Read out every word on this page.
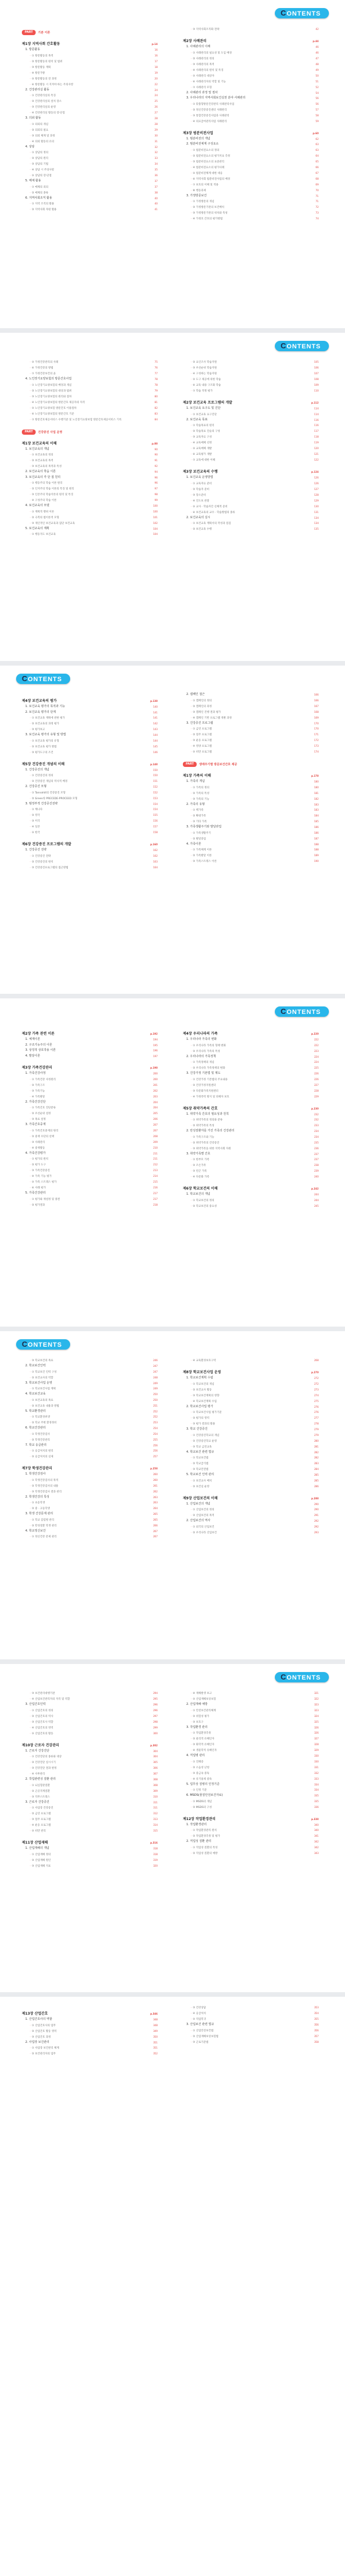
CONTENTS
PART	기본 이론
제1장 지역사회 간호활동	p.14
1. 방문활동	16
· ① 방문활동의 목적	16
· ② 방문활동의 원칙 및 범위	17
· ③ 방문활동 계획	18
· ④ 방문가방	19
· ⑤ 방문활동의 전 과정	20
· ⑥ 방문활동 시 지켜야 하는 주의사항	22
2. 건강관리실 활동	24
· ① 건강관리실의 특징	24
· ② 건강관리실의 설치 장소	25
· ③ 건강관리실의 운영	26
· ④ 건강관리실 활동의 장·단점	27
3. 의뢰 활동	28
· ① 의뢰의 개념	28
· ② 의뢰의 필요	29
· ③ 의뢰 체계 및 과정	30
· ④ 의뢰 활동의 유의	31
4. 상담	32
· ① 상담의 정의	32
· ② 상담의 원리	33
· ③ 상담의 기법	34
· ④ 상담 시 주의사항	35
· ⑤ 상담의 장·단점	36
5. 매체 활용	37
· ① 매체의 의의	37
· ② 매체의 종류	38
6. 지역사회조직 활용	40
· ① 지역 조직의 활용	40
· ② 지역사회 자원 활용	41
· ③ 지역사회조직화 전략	42
제2장 사례관리	p.44
1. 사례관리의 이해	46
· ① 사례관리의 필요성 및 도입 배경	46
· ② 사례관리의 정의	47
· ③ 사례관리의 목적	48
· ④ 사례관리의 원칙 및 특징	49
· ⑤ 사례관리 대상자	50
· ⑥ 사례관리자의 역할 및 기능	51
· ⑦ 사례관리 모형	52
2. 사례관리 과정 및 절차	54
3. 우리나라의 지역사회보건실천 분야 사례관리	56
· ① 맞춤형방문건강관리 사례관리사업	56
· ② 정신건강증진센터 사례관리	57
· ③ 통합건강증진사업과 사례관리	58
· ④ 의료급여관리사업 사례관리	59
제3장 범분비전사업	p.60
1. 범분비전의 개념	62
2. 범분비전체계 구성요소	63
· ① 범분비전요소의 정의	63
· ② 범분비전요소의 평가지표 측정	64
· ③ 범분비전요소의 표준관리	65
· ④ 범분비전요소의 평가사례	66
· ⑤ 범분비전체계 대한 대응	67
· ⑥ 지역사회 범분비전사업의 배경	68
· ⑦ 보호의 이해 및 적용	69
· ⑧ 행동과제	70
3. 가정방문보건	71
· ① 가정방문의 개념	71
· ② 가정방문기관의 보건배치	72
· ③ 가정방문기관의 위치와 특성	73
· ④ 가정호 간호의 평가방법	74
CONTENTS
· ⑤ 가정건강관리의 사례	75
· ⑥ 가정건강의 방법	76
· ⑦ 가정건강보건의 윤	77
4. 노인장기요양보험의 방문간호사업	78
· ① 노인장기요양보험의 배경과 개념	78
· ② 노인장기요양보험의 대상과 범위	79
· ③ 노인장기요양보험의 원리와 절차	80
· ④ 노인장기요양보험의 방문간호 제공자의 자격	81
· ⑤ 노인장기요양보험 방문간호 이용절차	82
· ⑥ 노인장기요양보험의 방문간호 기준	83
· ⑦ 방문간호제공서비스 수행기준 및 노인장기요양보험 방문간호제공서비스 기록	84
PART	건강증진 사업 운영
제1장 보건교육의 이해	p.88
1. 보건교육의 개념	90
· ① 보건교육의 정의	90
· ② 보건교육의 목적	91
· ③ 보건교육의 목적과 특성	92
2. 보건교육의 학습 이론	94
3. 보건교육의 각 단 접 원리	96
· ① 행동주의 학습 이론 원리	96
· ② 인지주의 학습 이론의 특징 및 원리	97
· ③ 인본주의 학습이론의 원리 및 특징	98
· ④ 구성주의 학습 이론	99
4. 보건교육의 모델	100
· ① 계획적 행위 이론	100
· ② 극복의 범이론적 모형	101
· ③ 개인적인 보건교육과 집단 보건교육	102
5. 보건교육의 계획	104
· ① 행동지도 보건교육	104
· ② 요인조사 학습지원	105
· ③ 우선순위 학습지원	106
· ④ 구성하는 학습지원	107
· ⑤ 도구 제공에 의한 학습	108
· ⑥ 교육 내용 구조화 학습	109
· ⑦ 학습 적정 평가	110
제2장 보건교육 프로그램의 개발	p.112
1. 보건교육 요구도 및 진단	114
· ① 보건교육 요구진단	114
2. 보건교육 목표	116
· ① 학습목표의 원리	116
· ② 학습목표 진술의 구성	117
· ③ 교육자료 구성	118
· ④ 교육매체 선정	119
· ⑤ 교육매체 개발	120
· ⑥ 교육평가 개발	121
· ⑦ 교육에 대한 이해	122
제3장 보건교육의 수행	p.124
1. 보건교육 운영방법	126
· ① 교육자료 준비	126
· ② 학습자 준비	127
· ③ 장소준비	128
· ④ 진도보 관찰	129
· ⑤ 교사 · 학습자간 신체적 준비	130
· ⑥ 보건교육의 교수 · 학습방법의 종류	131
2. 보건교육의 실시	134
· ① 보건교육 계획서의 작성과 점검	134
· ② 보건교육 수행	135
CONTENTS
제4장 보건교육의 평가	p.138
1. 보건교육 평가의 목적과 기능	140
2. 보건교육 평가의 단계	141
· ① 보건교육 계획에 관한 평가	141
· ② 보건교육의 과정 평가	142
· ③ 평가보고	143
3. 보건교육 평가의 유형 및 방법	144
· ① 보건교육 평가의 유형	144
· ② 보건교육 평가 방법	145
· ③ 평가도구의 조건	146
제5장 건강증진 개념의 이해	p.148
1. 건강증진의 개념	150
· ① 건강증진의 정의	150
· ② 건강증진 개념의 역사적 배경	151
2. 건강증진 모형	152
· ① Tannahill의 건강증진 모형	152
· ② Green의 PRECEDE-PROCEED 모형	153
3. 범정부적 건강증진전략	154
· ① 캐나다	154
· ② 영국	155
· ③ 미국	156
· ④ 일본	157
· ⑤ 한국	158
제6장 건강증진 프로그램의 개발	p.160
1. 건강증진 전략	162
· ① 건강증진 전략	162
· ② 건강증진의 원칙	163
· ③ 건강증진프로그램의 접근방법	164
2. 캠페인 접근	166
· ① 캠페인의 정의	166
· ② 캠페인의 과정	167
· ③ 캠페인 진행 결과 평가	168
· ④ 캠페인 기반 프로그램 개발 과정	169
3. 건강증진 프로그램	170
· ① 금연 프로그램	170
· ② 절주 프로그램	171
· ③ 운동 프로그램	172
· ④ 영양 프로그램	173
· ⑤ 비만 프로그램	174
PART	생애주기별 방문보건간호 제공
제1장 가족의 이해	p.178
1. 가족의 개념	180
· ① 가족의 정의	180
· ② 가족의 특성	181
· ③ 가족의 기능	182
2. 가족의 유형	183
· ① 핵가족	183
· ② 확대가족	184
· ③ 기타 가족	185
3. 가족생활주기와 발달과업	186
· ① 가족생활주기	186
· ② 발달과업	187
4. 가족이론	188
· ① 가족체계 이론	188
· ② 가족발달 이론	189
· ③ 가족스트레스 이론	190
CONTENTS
제2장 가족 관련 이론	p.192
1. 체계이론	194
2. 구조기능주의 이론	195
3. 상징적 상호작용 이론	196
4. 발달이론	197
제3장 가족건강관리	p.198
1. 가족건강사정	200
· ① 가족건강 사정원리	200
· ② 가족구조	201
· ③ 가족기능	202
· ④ 가족발달	203
2. 가족건강진단	204
· ① 가족간호 진단분류	204
· ② 우선순위 설정	205
· ③ 목표 설정	206
3. 가족간호중재	207
· ① 가족간호중재의 원리	207
· ② 중재 수단의 선택	208
· ③ 사례관리	209
· ④ 중재활동	210
4. 가족건강평가	211
· ① 평가의 원칙	211
· ② 평가 도구	212
· ③ 가족건강증진	213
· ④ 가족 기능 평가	214
· ⑤ 가족 스트레스 평가	215
· ⑥ 사례 평가	216
5. 가족건강관리	217
· ① 평가와 재설정 및 종결	217
· ② 평가결과	218
제4장 우리나라의 가족	p.220
1. 우리나라 가족의 변화	222
· ① 우리나라 가족의 형태 변화	222
· ② 우리나라 가족의 특성	223
2. 우리나라의 가족정책	224
· ① 가족정책의 개념	224
· ② 우리나라 가족정책의 변화	225
3. 건강가정 기본법 및 제도	226
· ① 건강가정 기본법의 주요내용	226
· ② 건강가정지원센터	227
· ③ 다문화가족지원센터	228
· ④ 가정폭력 방지 및 피해자 보호	229
제5장 취약가족의 간호	p.230
1. 취약가족 간호의 필요성과 원칙	232
· ① 취약가족의 정의와 분류	232
· ② 취약가족의 특성	233
2. 만성질환자를 가진 가족의 건강관리	234
· ① 가족구조와 기능	234
· ② 취약가족의 건강증진	235
· ③ 취약가족을 위한 지역사회 자원	236
3. 취약가족별 간호	237
· ① 한부모 가족	237
· ② 조손가족	238
· ③ 빈곤 가족	239
· ④ 다문화 가족	240
제6장 학교보건의 이해	p.242
1. 학교보건의 개념	244
· ① 학교보건의 정의	244
· ② 학교보건의 중요성	245
CONTENTS
· ③ 학교보건의 목표	246
2. 학교보건인력	247
· ① 학교보건 인력 구성	247
· ② 보건교사의 역할	248
3. 학교보건사업 운영	249
· ① 학교보건사업 계획	249
4. 학교보건교육	250
· ① 보건교육의 목표	250
· ② 보건교육 내용과 방법	251
5. 학교환경관리	252
· ① 학교환경위생	252
· ② 학교 주변 환경정비	253
6. 학교건강관리	254
· ① 학생건강검사	254
· ② 학생건강관리	255
7. 학교 응급관리	256
· ① 응급처치의 원리	256
· ② 응급처치의 실제	257
제7장 학생건강관리	p.258
1. 학생건강검사	260
· ① 학생건강검사의 목적	260
· ② 학생건강검사의 내용	261
· ③ 학생건강검사 결과 관리	262
2. 학생건강의 특성	263
· ① 초등학생	263
· ② 중 · 고등학생	264
3. 학생 건강문제 관리	265
· ① 학교 감염병 관리	265
· ② 만성질환 학생 관리	266
4. 학교정신보건	267
· ① 정신건강 문제 관리	267
· ④ 교육환경보호구역	268
제8장 학교보건사업 운영	p.270
1. 학교보건계획 수립	272
· ① 학교보건의 개념	272
· ② 보건교사 활동	273
· ③ 학교보건계획의 영향	274
· ④ 학교보건계획 수립	275
2. 학교보건사업 평가	276
· ① 학교보건사업 평가기준	276
· ② 평가의 영역	277
· ③ 평가 결과의 활용	278
3. 학교 건강증진	279
· ① 건강증진학교의 개념	279
· ② 건강증진학교 운영	280
· ③ 학교 금연교육	281
4. 학교보건 관련 법규	282
· ① 학교보건법	282
· ② 학교급식법	283
· ③ 학교안전법	284
5. 학교보건 인력 관리	285
· ① 보건교사 배치	285
· ② 보건실 운영	286
제9장 산업보건의 이해	p.288
1. 산업보건의 개념	290
· ① 산업보건의 정의	290
· ② 산업보건의 목적	291
2. 산업보건의 역사	292
· ① 외국의 산업보건	292
· ② 우리나라 산업보건	293
CONTENTS
· ③ 보건관리대행기관	294
· ④ 산업보건관리자의 자격 및 역할	295
3. 산업간호인력	296
· ① 산업간호의 정의	296
· ② 산업간호의 역사	297
· ③ 산업간호사 역할	298
· ④ 산업간호의 영역	299
· ⑤ 산업간호의 활동	300
제10장 근로자 건강관리	p.302
1. 근로자 건강진단	304
· ① 건강진단의 종류와 대상	304
· ② 건강진단 실시시기	305
· ③ 건강진단 결과 판정	306
· ④ 사후관리	307
2. 작업관련성 질환 관리	308
· ① 뇌심혈관질환	308
· ② 근골격계질환	309
· ③ 직무스트레스	310
3. 근로자 건강증진	311
· ① 사업장 건강증진	311
· ② 금연 프로그램	312
· ③ 절주 프로그램	313
· ④ 운동 프로그램	314
· ⑤ 비만 관리	315
제11장 산업재해	p.316
1. 산업재해의 개념	318
· ① 산업재해 정의	318
· ② 산업재해 원인	319
· ③ 산업재해 지표	320
· ④ 재해발생 보고	321
· ⑤ 산업재해보상보험	322
2. 산업재해 예방	323
· ① 안전보건관리체계	323
· ② 위험성 평가	324
· ③ 보호구	325
3. 작업환경 관리	326
· ① 작업환경측정	326
· ② 물리적 유해인자	327
· ③ 화학적 유해인자	328
· ④ 생물학적 유해인자	329
4. 직업병 관리	330
· ① 진폐증	330
· ② 소음성 난청	331
· ③ 중금속 중독	332
· ④ 유기용제 중독	333
5. 업무상 질병의 인정기준	334
· ① 인정 기준	334
6. MSDS(물질안전보건자료)	335
· ① MSDS의 개념	335
· ② MSDS의 구성	336
제12장 작업환경관리	p.338
1. 작업환경관리	340
· ① 작업환경관리 원칙	340
· ② 작업환경측정 및 평가	341
2. 직업성 질환 관리	342
· ① 직업성 질환의 특성	342
· ② 직업성 질환의 예방	343
제13장 산업간호	p.346
1. 산업간호사의 역할	348
· ① 산업간호사의 업무	348
· ② 산업간호 활동 영역	349
· ③ 산업간호 과정	350
2. 사업장 보건관리	351
· ① 사업장 보건관리 체계	351
· ② 보건관리자의 업무	352
· ③ 건강상담	353
· ④ 응급처치	354
· ⑤ 직업복귀	355
3. 산업보건 관련 법규	356
· ① 산업안전보건법	356
· ② 산업재해보상보험법	357
· ③ 근로기준법	358
